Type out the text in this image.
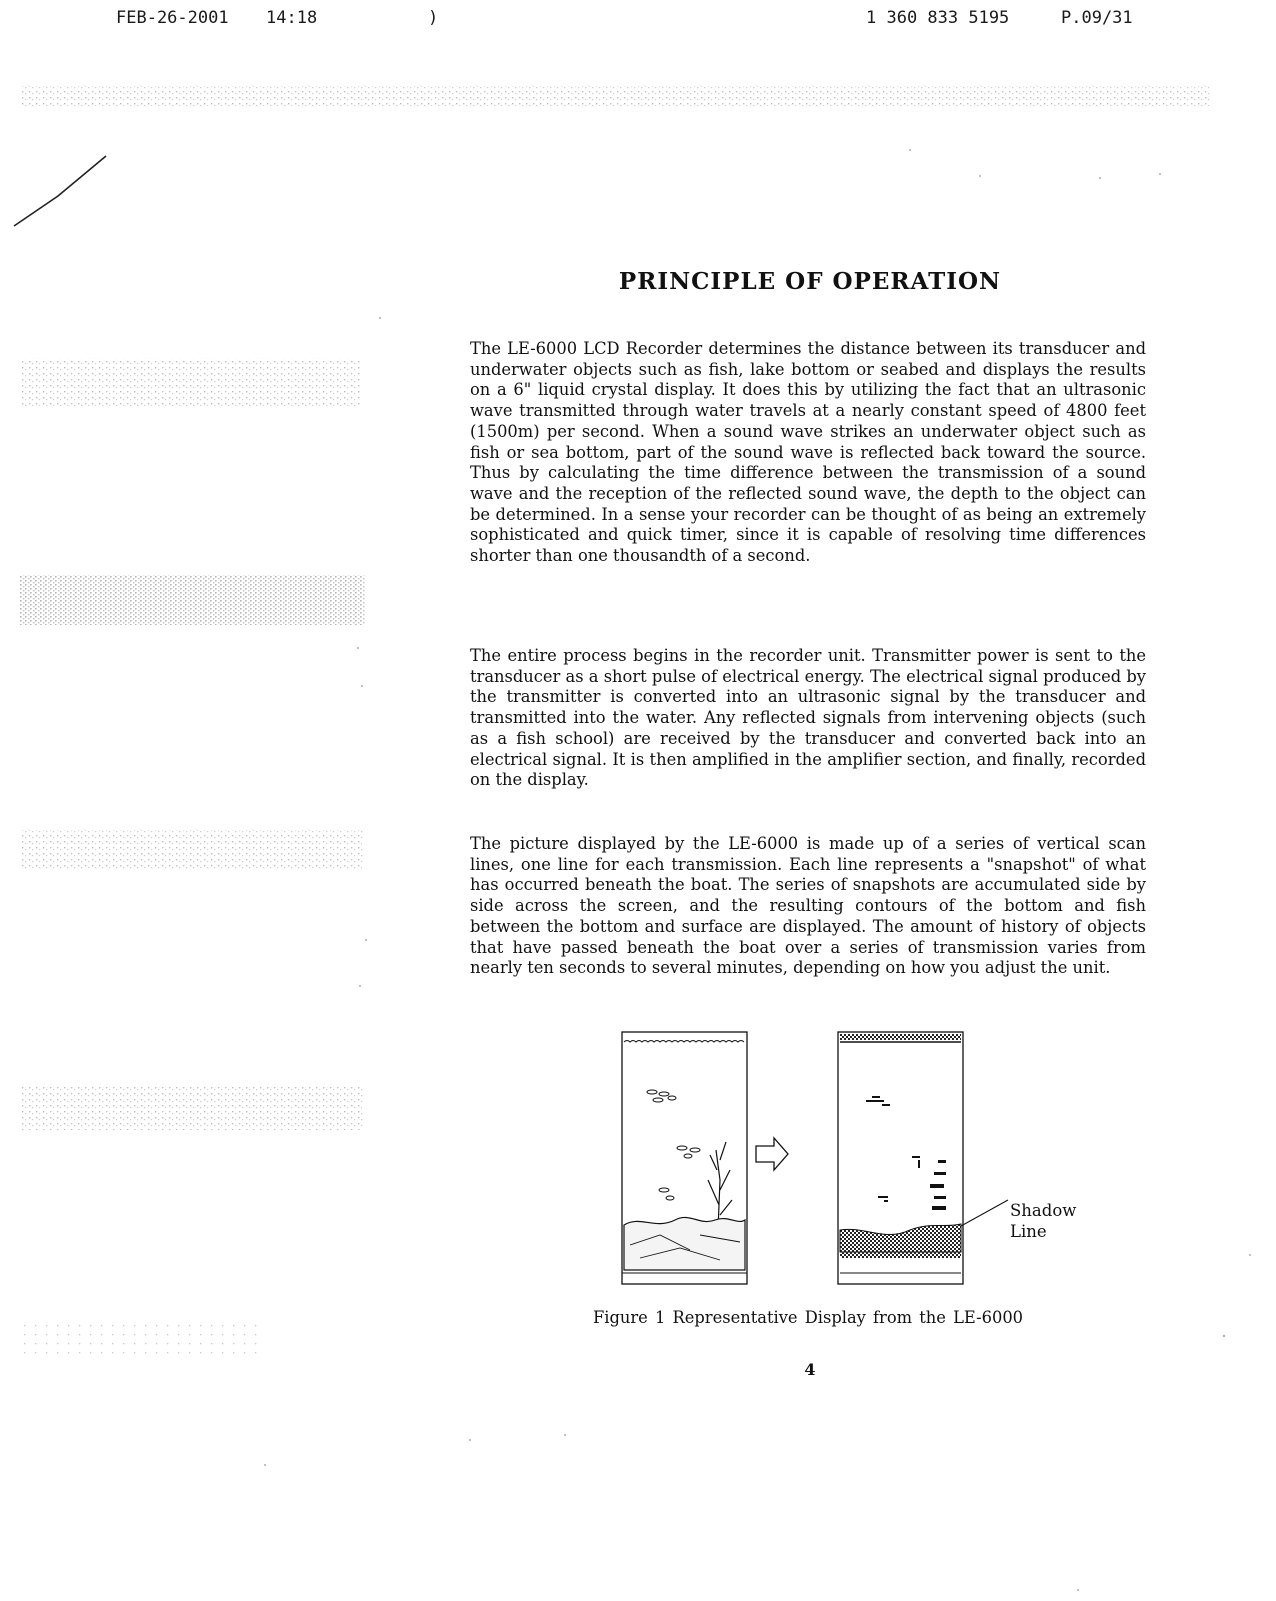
FEB-26-2001 14:18	)	1 360 833 5195	P.09/31
PRINCIPLE OF OPERATION

The LE-6000 LCD Recorder determines the distance between its transducer and underwater objects such as fish, lake bottom or seabed and displays the results on a 6" liquid crystal display. It does this by utilizing the fact that an ultrasonic wave transmitted through water travels at a nearly constant speed of 4800 feet (1500m) per second. When a sound wave strikes an underwater object such as fish or sea bottom, part of the sound wave is reflected back toward the source. Thus by calculating the time difference between the transmission of a sound wave and the reception of the reflected sound wave, the depth to the object can be determined. In a sense your recorder can be thought of as being an extremely sophisticated and quick timer, since it is capable of resolving time differences shorter than one thousandth of a second.

The entire process begins in the recorder unit. Transmitter power is sent to the transducer as a short pulse of electrical energy. The electrical signal produced by the transmitter is converted into an ultrasonic signal by the transducer and transmitted into the water. Any reflected signals from intervening objects (such as a fish school) are received by the transducer and converted back into an electrical signal. It is then amplified in the amplifier section, and finally, recorded on the display.

The picture displayed by the LE-6000 is made up of a series of vertical scan lines, one line for each transmission. Each line represents a "snapshot" of what has occurred beneath the boat. The series of snapshots are accumulated side by side across the screen, and the resulting contours of the bottom and fish between the bottom and surface are displayed. The amount of history of objects that have passed beneath the boat over a series of transmission varies from nearly ten seconds to several minutes, depending on how you adjust the unit.

Shadow
Line
Figure 1 Representative Display from the LE-6000
4
